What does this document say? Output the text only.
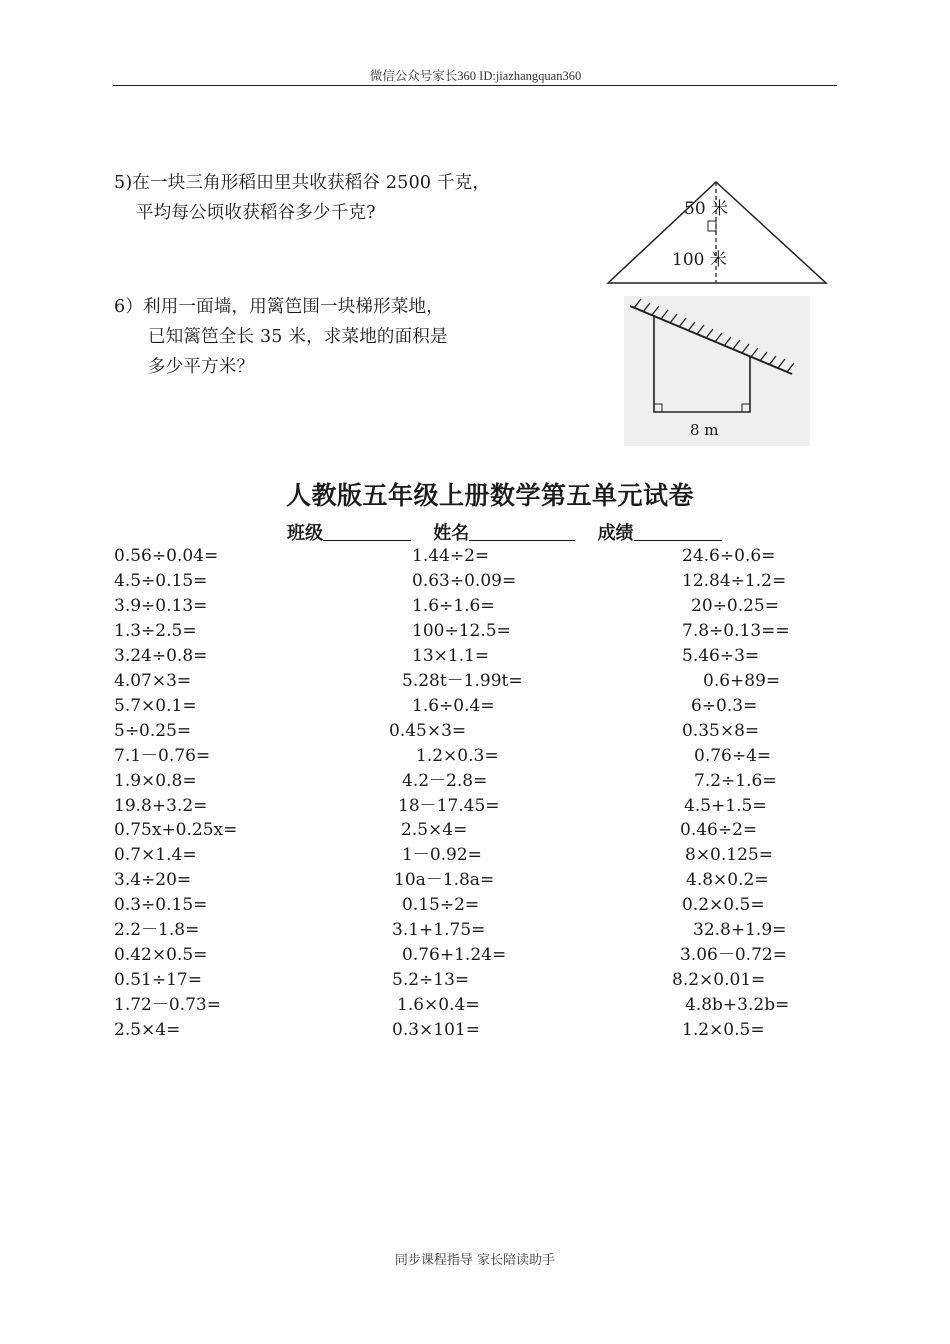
微信公众号家长360 ID:jiazhangquan360
5)在一块三角形稻田里共收获稻谷 2500 千克，
平均每公顷收获稻谷多少千克?	50 米
100 米
6）利用一面墙，用篱笆围一块梯形菜地，
已知篱笆全长 35 米，求菜地的面积是
多少平方米？
8 m
人教版五年级上册数学第五单元试卷
班级	姓名	成绩
0.56÷0.04=	1.44÷2=	24.6÷0.6=
4.5÷0.15=	0.63÷0.09=	12.84÷1.2=
3.9÷0.13=	1.6÷1.6=	20÷0.25=
1.3÷2.5=	100÷12.5=	7.8÷0.13==
3.24÷0.8=	13×1.1=	5.46÷3=
4.07×3=	5.28t－1.99t=	0.6+89=
5.7×0.1=	1.6÷0.4=	6÷0.3=
5÷0.25=	0.45×3=	0.35×8=
7.1－0.76=	1.2×0.3=	0.76÷4=
1.9×0.8=	4.2－2.8=	7.2÷1.6=
19.8+3.2=	18－17.45=	4.5+1.5=
0.75x+0.25x=	2.5×4=	0.46÷2=
0.7×1.4=	1－0.92=	8×0.125=
3.4÷20=	10a－1.8a=	4.8×0.2=
0.3÷0.15=	0.15÷2=	0.2×0.5=
2.2－1.8=	3.1+1.75=	32.8+1.9=
0.42×0.5=	0.76+1.24=	3.06－0.72=
0.51÷17=	5.2÷13=	8.2×0.01=
1.72－0.73=	1.6×0.4=	4.8b+3.2b=
2.5×4=	0.3×101=	1.2×0.5=
同步课程指导 家长陪读助手
